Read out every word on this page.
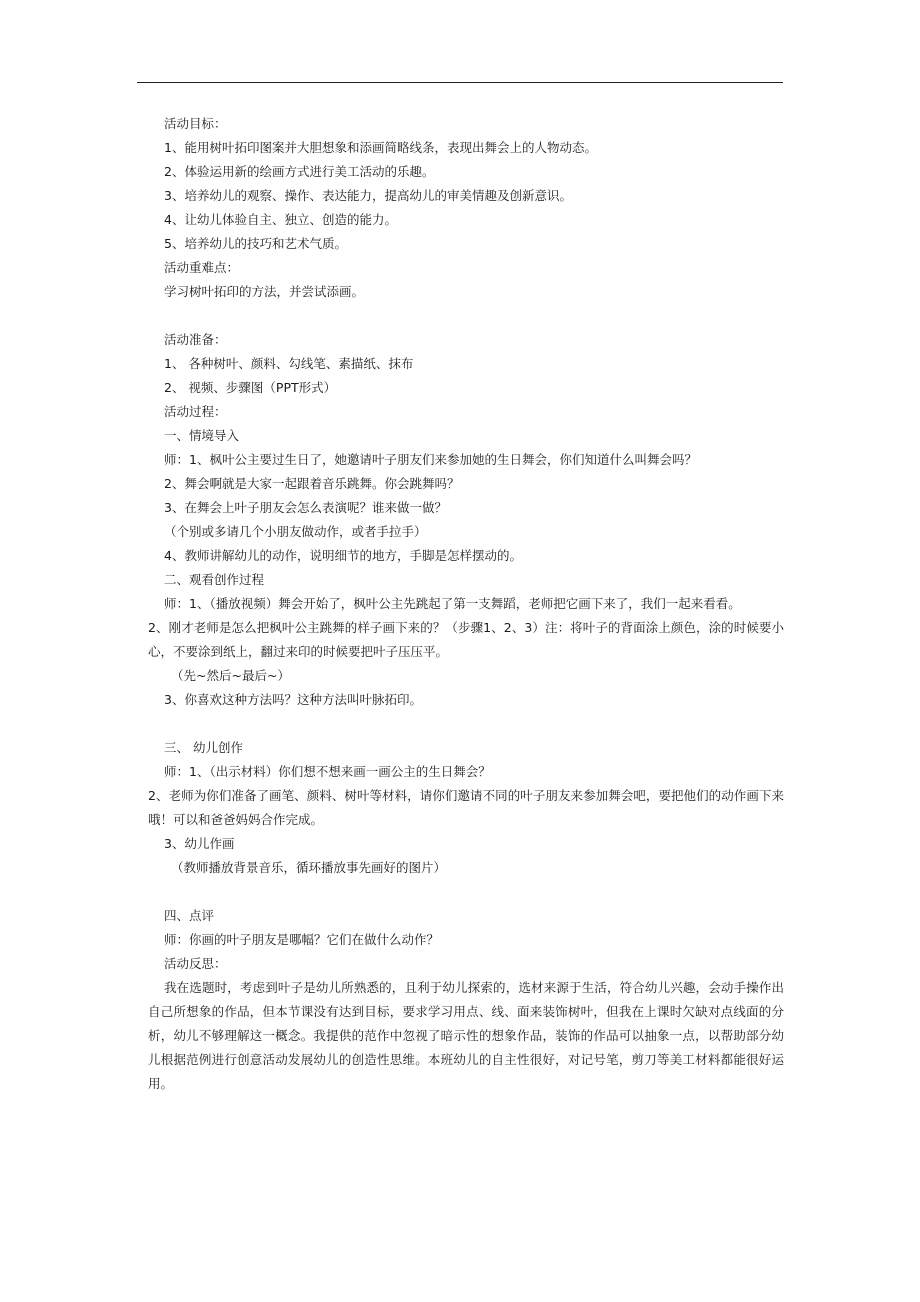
活动目标：
1、能用树叶拓印图案并大胆想象和添画简略线条，表现出舞会上的人物动态。
2、体验运用新的绘画方式进行美工活动的乐趣。
3、培养幼儿的观察、操作、表达能力，提高幼儿的审美情趣及创新意识。
4、让幼儿体验自主、独立、创造的能力。
5、培养幼儿的技巧和艺术气质。
活动重难点：
学习树叶拓印的方法，并尝试添画。
活动准备：
1、 各种树叶、颜料、勾线笔、素描纸、抹布
2、 视频、步骤图（PPT形式）
活动过程：
一、情境导入
师：1、枫叶公主要过生日了，她邀请叶子朋友们来参加她的生日舞会，你们知道什么叫舞会吗？
2、舞会啊就是大家一起跟着音乐跳舞。你会跳舞吗？
3、在舞会上叶子朋友会怎么表演呢？谁来做一做？
（个别或多请几个小朋友做动作，或者手拉手）
4、教师讲解幼儿的动作，说明细节的地方，手脚是怎样摆动的。
二、观看创作过程
师：1、（播放视频）舞会开始了，枫叶公主先跳起了第一支舞蹈，老师把它画下来了，我们一起来看看。
2、刚才老师是怎么把枫叶公主跳舞的样子画下来的？（步骤1、2、3）注：将叶子的背面涂上颜色，涂的时候要小心，不要涂到纸上，翻过来印的时候要把叶子压压平。
（先~然后~最后~）
3、你喜欢这种方法吗？这种方法叫叶脉拓印。
三、 幼儿创作
师：1、（出示材料）你们想不想来画一画公主的生日舞会？
2、老师为你们准备了画笔、颜料、树叶等材料，请你们邀请不同的叶子朋友来参加舞会吧，要把他们的动作画下来哦！可以和爸爸妈妈合作完成。
3、幼儿作画
（教师播放背景音乐，循环播放事先画好的图片）
四、点评
师：你画的叶子朋友是哪幅？它们在做什么动作？
活动反思：
我在选题时，考虑到叶子是幼儿所熟悉的，且利于幼儿探索的，选材来源于生活，符合幼儿兴趣，会动手操作出自己所想象的作品，但本节课没有达到目标，要求学习用点、线、面来装饰树叶，但我在上课时欠缺对点线面的分析，幼儿不够理解这一概念。我提供的范作中忽视了暗示性的想象作品，装饰的作品可以抽象一点，以帮助部分幼儿根据范例进行创意活动发展幼儿的创造性思维。本班幼儿的自主性很好，对记号笔，剪刀等美工材料都能很好运用。
